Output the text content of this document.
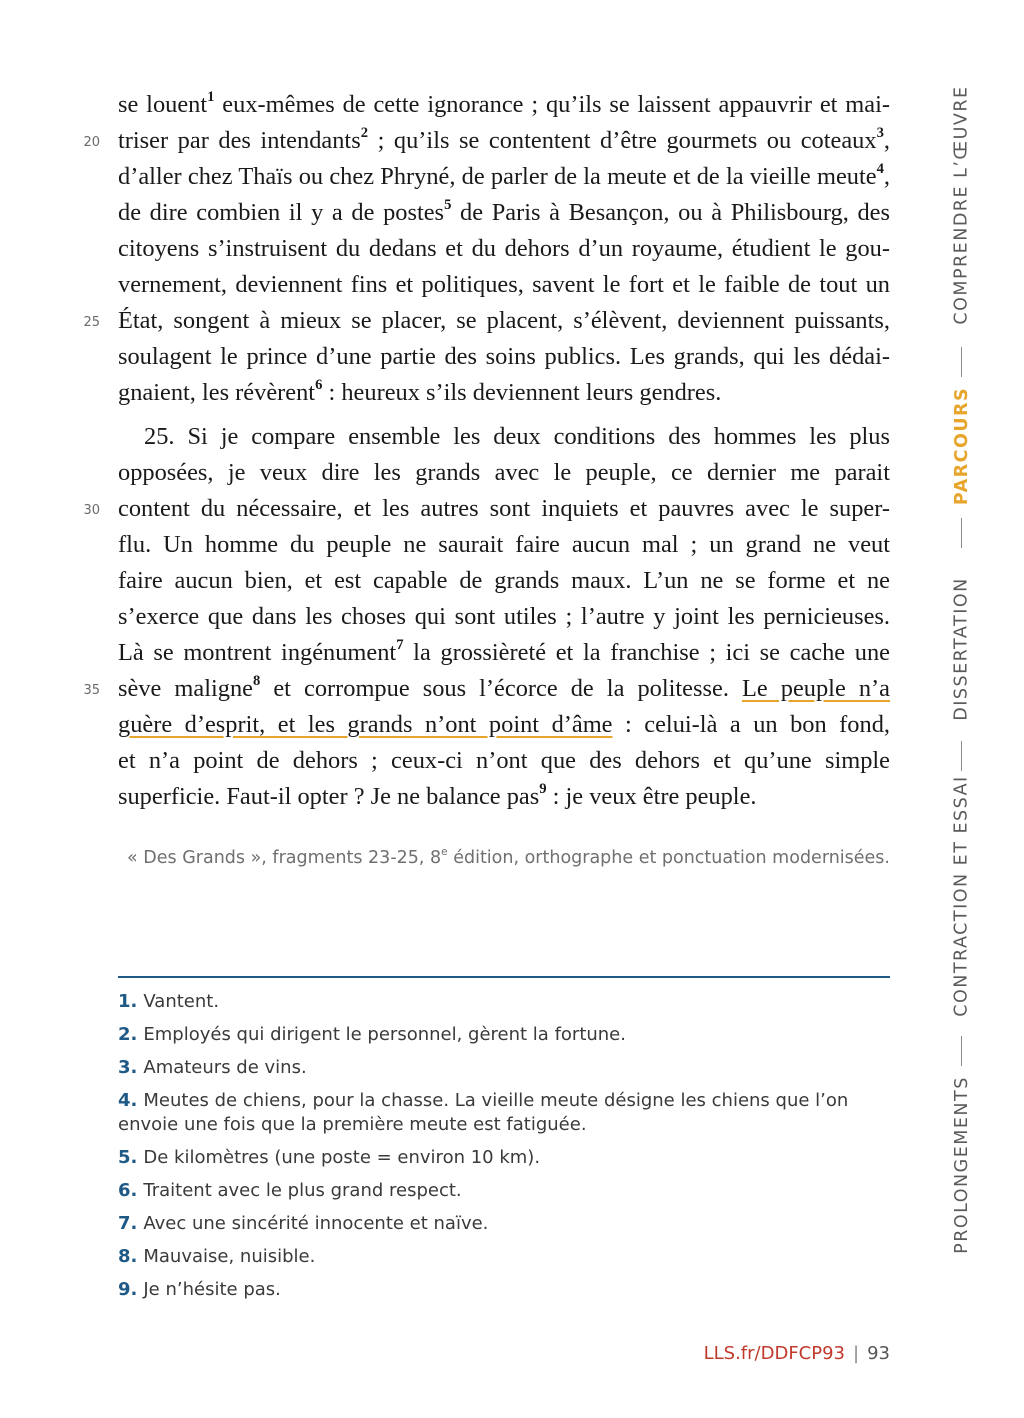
se louent$^1$ eux-mêmes de cette ignorance ; qu’ils se laissent appauvrir et mai-
triser par des intendants$^2$ ; qu’ils se contentent d’être gourmets ou coteaux$^3$,
d’aller chez Thaïs ou chez Phryné, de parler de la meute et de la vieille meute$^4$,
de dire combien il y a de postes$^5$ de Paris à Besançon, ou à Philisbourg, des
citoyens s’instruisent du dedans et du dehors d’un royaume, étudient le gou-
vernement, deviennent fins et politiques, savent le fort et le faible de tout un
État, songent à mieux se placer, se placent, s’élèvent, deviennent puissants,
soulagent le prince d’une partie des soins publics. Les grands, qui les dédai-
gnaient, les révèrent$^6$ : heureux s’ils deviennent leurs gendres.
25. Si je compare ensemble les deux conditions des hommes les plus
opposées, je veux dire les grands avec le peuple, ce dernier me parait
content du nécessaire, et les autres sont inquiets et pauvres avec le super-
flu. Un homme du peuple ne saurait faire aucun mal ; un grand ne veut
faire aucun bien, et est capable de grands maux. L’un ne se forme et ne
s’exerce que dans les choses qui sont utiles ; l’autre y joint les pernicieuses.
Là se montrent ingénument$^7$ la grossièreté et la franchise ; ici se cache une
sève maligne$^8$ et corrompue sous l’écorce de la politesse. Le peuple n’a
guère d’esprit, et les grands n’ont point d’âme : celui-là a un bon fond,
et n’a point de dehors ; ceux-ci n’ont que des dehors et qu’une simple
superficie. Faut-il opter ? Je ne balance pas$^9$ : je veux être peuple.
20
25
30
35
« Des Grands », fragments 23-25, 8e édition, orthographe et ponctuation modernisées.
1. Vantent.
2. Employés qui dirigent le personnel, gèrent la fortune.
3. Amateurs de vins.
4. Meutes de chiens, pour la chasse. La vieille meute désigne les chiens que l’on envoie une fois que la première meute est fatiguée.
5. De kilomètres (une poste = environ 10 km).
6. Traitent avec le plus grand respect.
7. Avec une sincérité innocente et naïve.
8. Mauvaise, nuisible.
9. Je n’hésite pas.
LLS.fr/DDFCP93 | 93
COMPRENDRE L’ŒUVRE
PARCOURS
DISSERTATION
CONTRACTION ET ESSAI
PROLONGEMENTS
